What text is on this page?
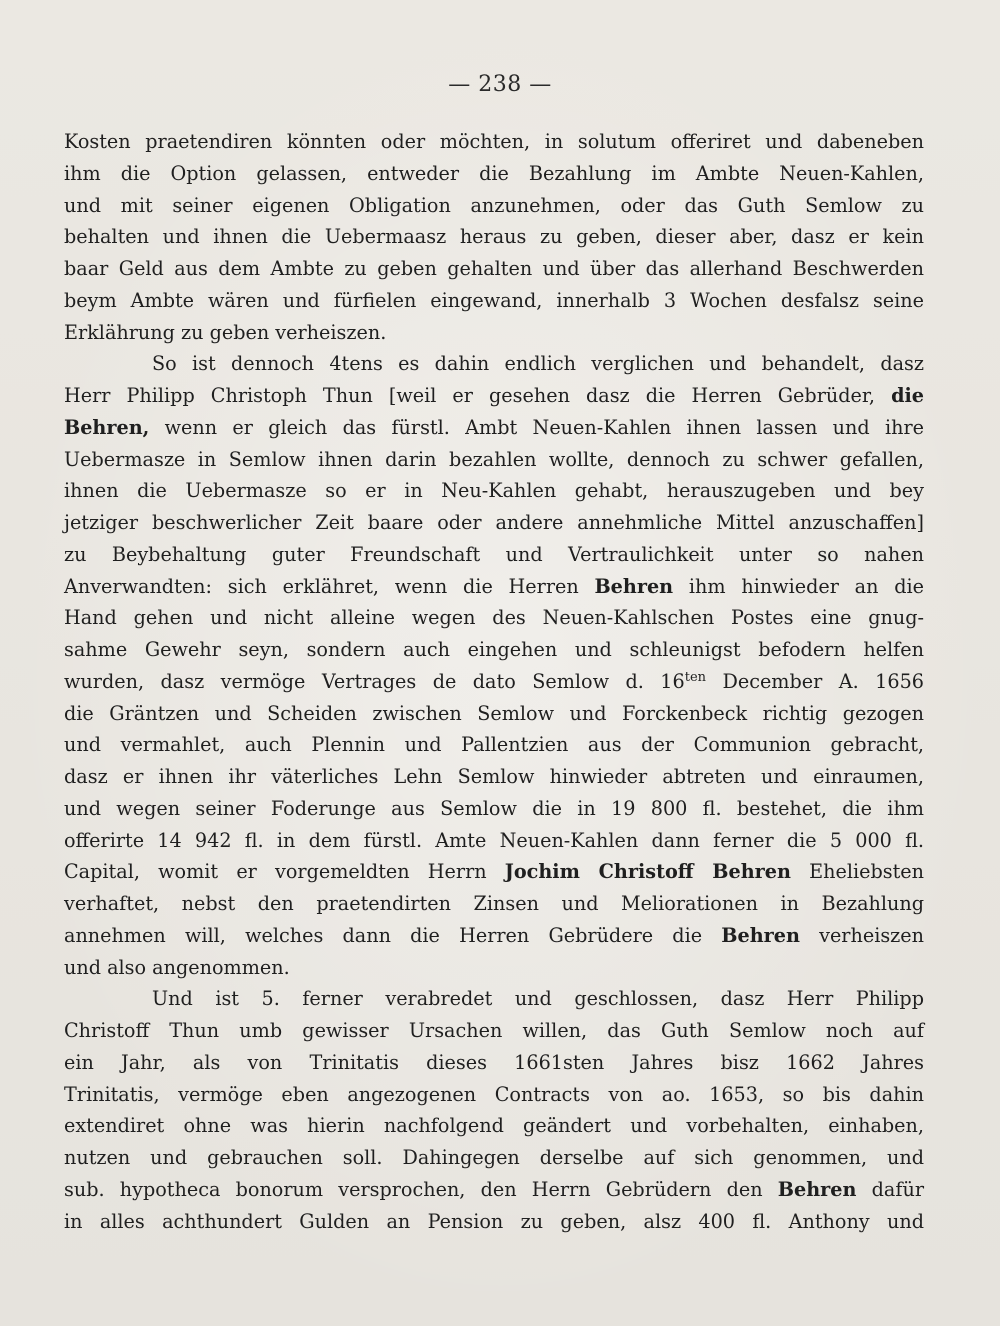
— 238 —
Kosten praetendiren könnten oder möchten, in solutum offeriret und dabeneben
ihm die Option gelassen, entweder die Bezahlung im Ambte Neuen-Kahlen,
und mit seiner eigenen Obligation anzunehmen, oder das Guth Semlow zu
behalten und ihnen die Uebermaasz heraus zu geben, dieser aber, dasz er kein
baar Geld aus dem Ambte zu geben gehalten und über das allerhand Beschwerden
beym Ambte wären und fürfielen eingewand, innerhalb 3 Wochen desfalsz seine
Erklährung zu geben verheiszen.
So ist dennoch 4tens es dahin endlich verglichen und behandelt, dasz
Herr Philipp Christoph Thun [weil er gesehen dasz die Herren Gebrüder, die
Behren, wenn er gleich das fürstl. Ambt Neuen-Kahlen ihnen lassen und ihre
Uebermasze in Semlow ihnen darin bezahlen wollte, dennoch zu schwer gefallen,
ihnen die Uebermasze so er in Neu-Kahlen gehabt, herauszugeben und bey
jetziger beschwerlicher Zeit baare oder andere annehmliche Mittel anzuschaffen]
zu Beybehaltung guter Freundschaft und Vertraulichkeit unter so nahen
Anverwandten: sich erklähret, wenn die Herren Behren ihm hinwieder an die
Hand gehen und nicht alleine wegen des Neuen-Kahlschen Postes eine gnug-
sahme Gewehr seyn, sondern auch eingehen und schleunigst befodern helfen
wurden, dasz vermöge Vertrages de dato Semlow d. $16^{ten}$ December A. 1656
die Gräntzen und Scheiden zwischen Semlow und Forckenbeck richtig gezogen
und vermahlet, auch Plennin und Pallentzien aus der Communion gebracht,
dasz er ihnen ihr väterliches Lehn Semlow hinwieder abtreten und einraumen,
und wegen seiner Foderunge aus Semlow die in 19 800 fl. bestehet, die ihm
offerirte 14 942 fl. in dem fürstl. Amte Neuen-Kahlen dann ferner die 5 000 fl.
Capital, womit er vorgemeldten Herrn Jochim Christoff Behren Eheliebsten
verhaftet, nebst den praetendirten Zinsen und Meliorationen in Bezahlung
annehmen will, welches dann die Herren Gebrüdere die Behren verheiszen
und also angenommen.
Und ist 5. ferner verabredet und geschlossen, dasz Herr Philipp
Christoff Thun umb gewisser Ursachen willen, das Guth Semlow noch auf
ein Jahr, als von Trinitatis dieses 1661sten Jahres bisz 1662 Jahres
Trinitatis, vermöge eben angezogenen Contracts von ao. 1653, so bis dahin
extendiret ohne was hierin nachfolgend geändert und vorbehalten, einhaben,
nutzen und gebrauchen soll. Dahingegen derselbe auf sich genommen, und
sub. hypotheca bonorum versprochen, den Herrn Gebrüdern den Behren dafür
in alles achthundert Gulden an Pension zu geben, alsz 400 fl. Anthony und
